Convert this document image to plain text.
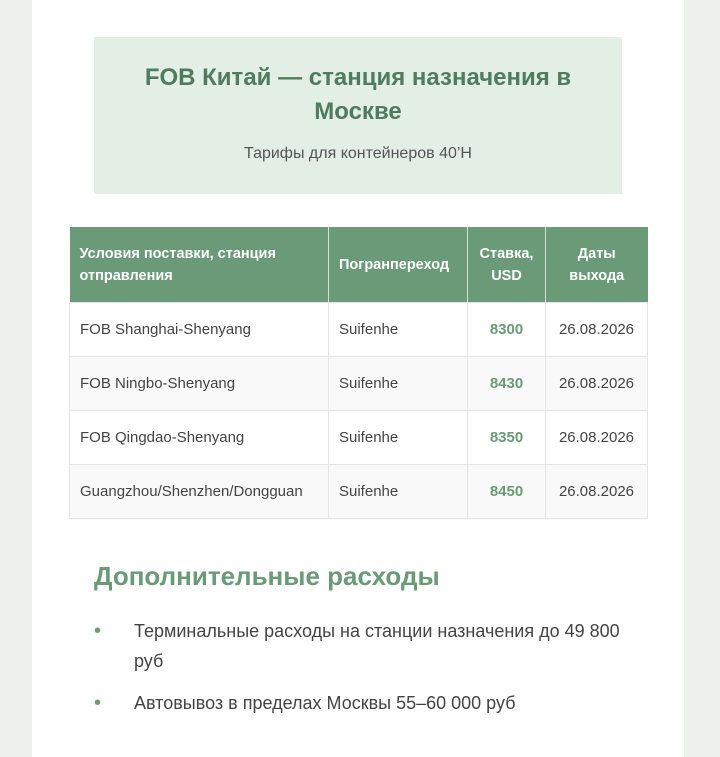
FOB Китай — станция назначения в Москве
Тарифы для контейнеров 40’H
Условия поставки, станция отправления	Погранпереход	Ставка, USD	Даты выхода
FOB Shanghai-Shenyang	Suifenhe	8300	26.08.2026
FOB Ningbo-Shenyang	Suifenhe	8430	26.08.2026
FOB Qingdao-Shenyang	Suifenhe	8350	26.08.2026
Guangzhou/Shenzhen/Dongguan	Suifenhe	8450	26.08.2026
Дополнительные расходы
•	Терминальные расходы на станции назначения до 49 800 руб
•	Автовывоз в пределах Москвы 55–60 000 руб
